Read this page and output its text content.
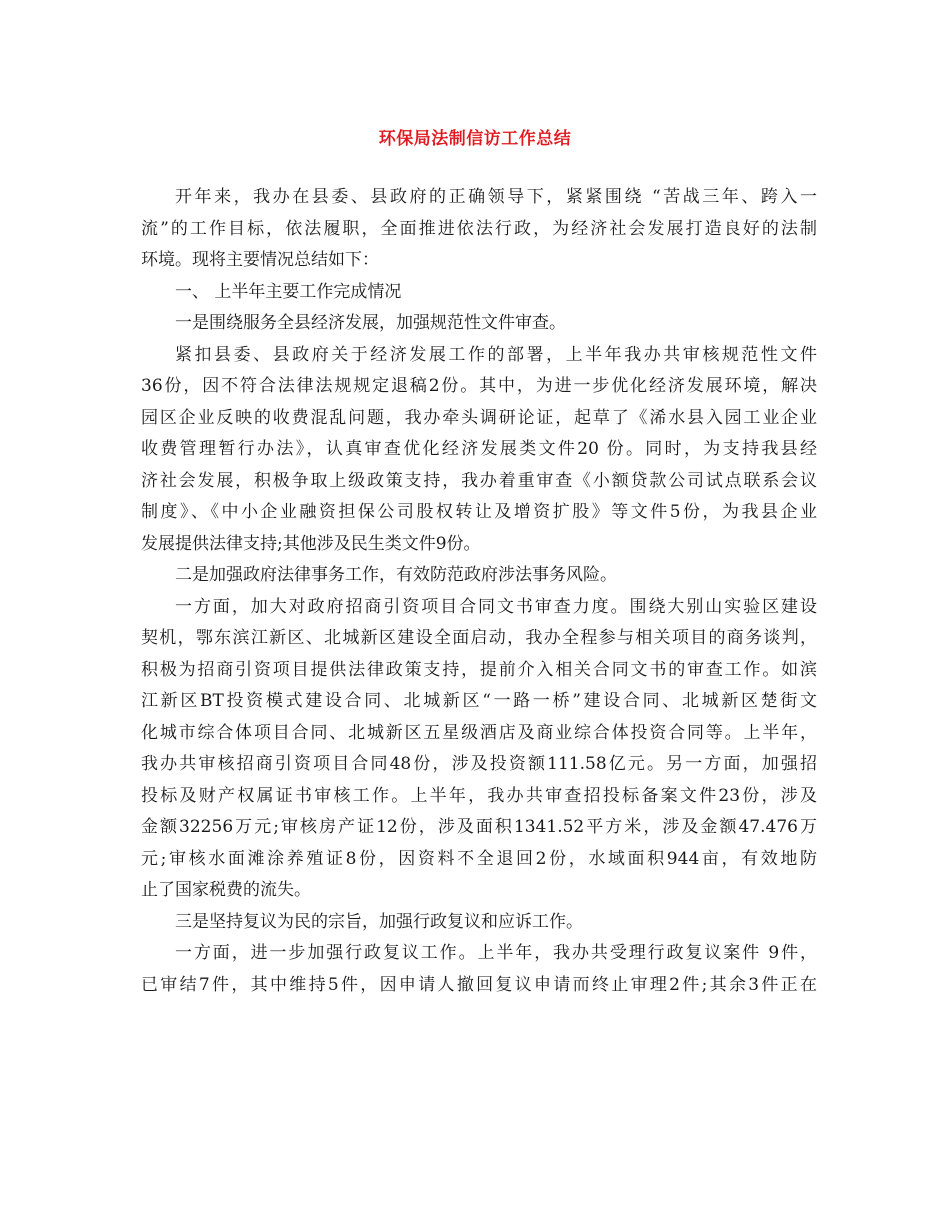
环保局法制信访工作总结
开年来，我办在县委、县政府的正确领导下，紧紧围绕 “苦战三年、跨入一
流”的工作目标，依法履职，全面推进依法行政，为经济社会发展打造良好的法制
环境。现将主要情况总结如下：
一、 上半年主要工作完成情况
一是围绕服务全县经济发展，加强规范性文件审查。
紧扣县委、县政府关于经济发展工作的部署，上半年我办共审核规范性文件
36份，因不符合法律法规规定退稿2份。其中，为进一步优化经济发展环境，解决
园区企业反映的收费混乱问题，我办牵头调研论证，起草了《浠水县入园工业企业
收费管理暂行办法》，认真审查优化经济发展类文件20 份。同时，为支持我县经
济社会发展，积极争取上级政策支持，我办着重审查《小额贷款公司试点联系会议
制度》、《中小企业融资担保公司股权转让及增资扩股》等文件5份，为我县企业
发展提供法律支持;其他涉及民生类文件9份。
二是加强政府法律事务工作，有效防范政府涉法事务风险。
一方面，加大对政府招商引资项目合同文书审查力度。围绕大别山实验区建设
契机，鄂东滨江新区、北城新区建设全面启动，我办全程参与相关项目的商务谈判，
积极为招商引资项目提供法律政策支持，提前介入相关合同文书的审查工作。如滨
江新区BT投资模式建设合同、北城新区“一路一桥”建设合同、北城新区楚街文
化城市综合体项目合同、北城新区五星级酒店及商业综合体投资合同等。上半年，
我办共审核招商引资项目合同48份，涉及投资额111.58亿元。另一方面，加强招
投标及财产权属证书审核工作。上半年，我办共审查招投标备案文件23份，涉及
金额32256万元;审核房产证12份，涉及面积1341.52平方米，涉及金额47.476万
元;审核水面滩涂养殖证8份，因资料不全退回2份，水域面积944亩，有效地防
止了国家税费的流失。
三是坚持复议为民的宗旨，加强行政复议和应诉工作。
一方面，进一步加强行政复议工作。上半年，我办共受理行政复议案件 9件，
已审结7件，其中维持5件，因申请人撤回复议申请而终止审理2件;其余3件正在
